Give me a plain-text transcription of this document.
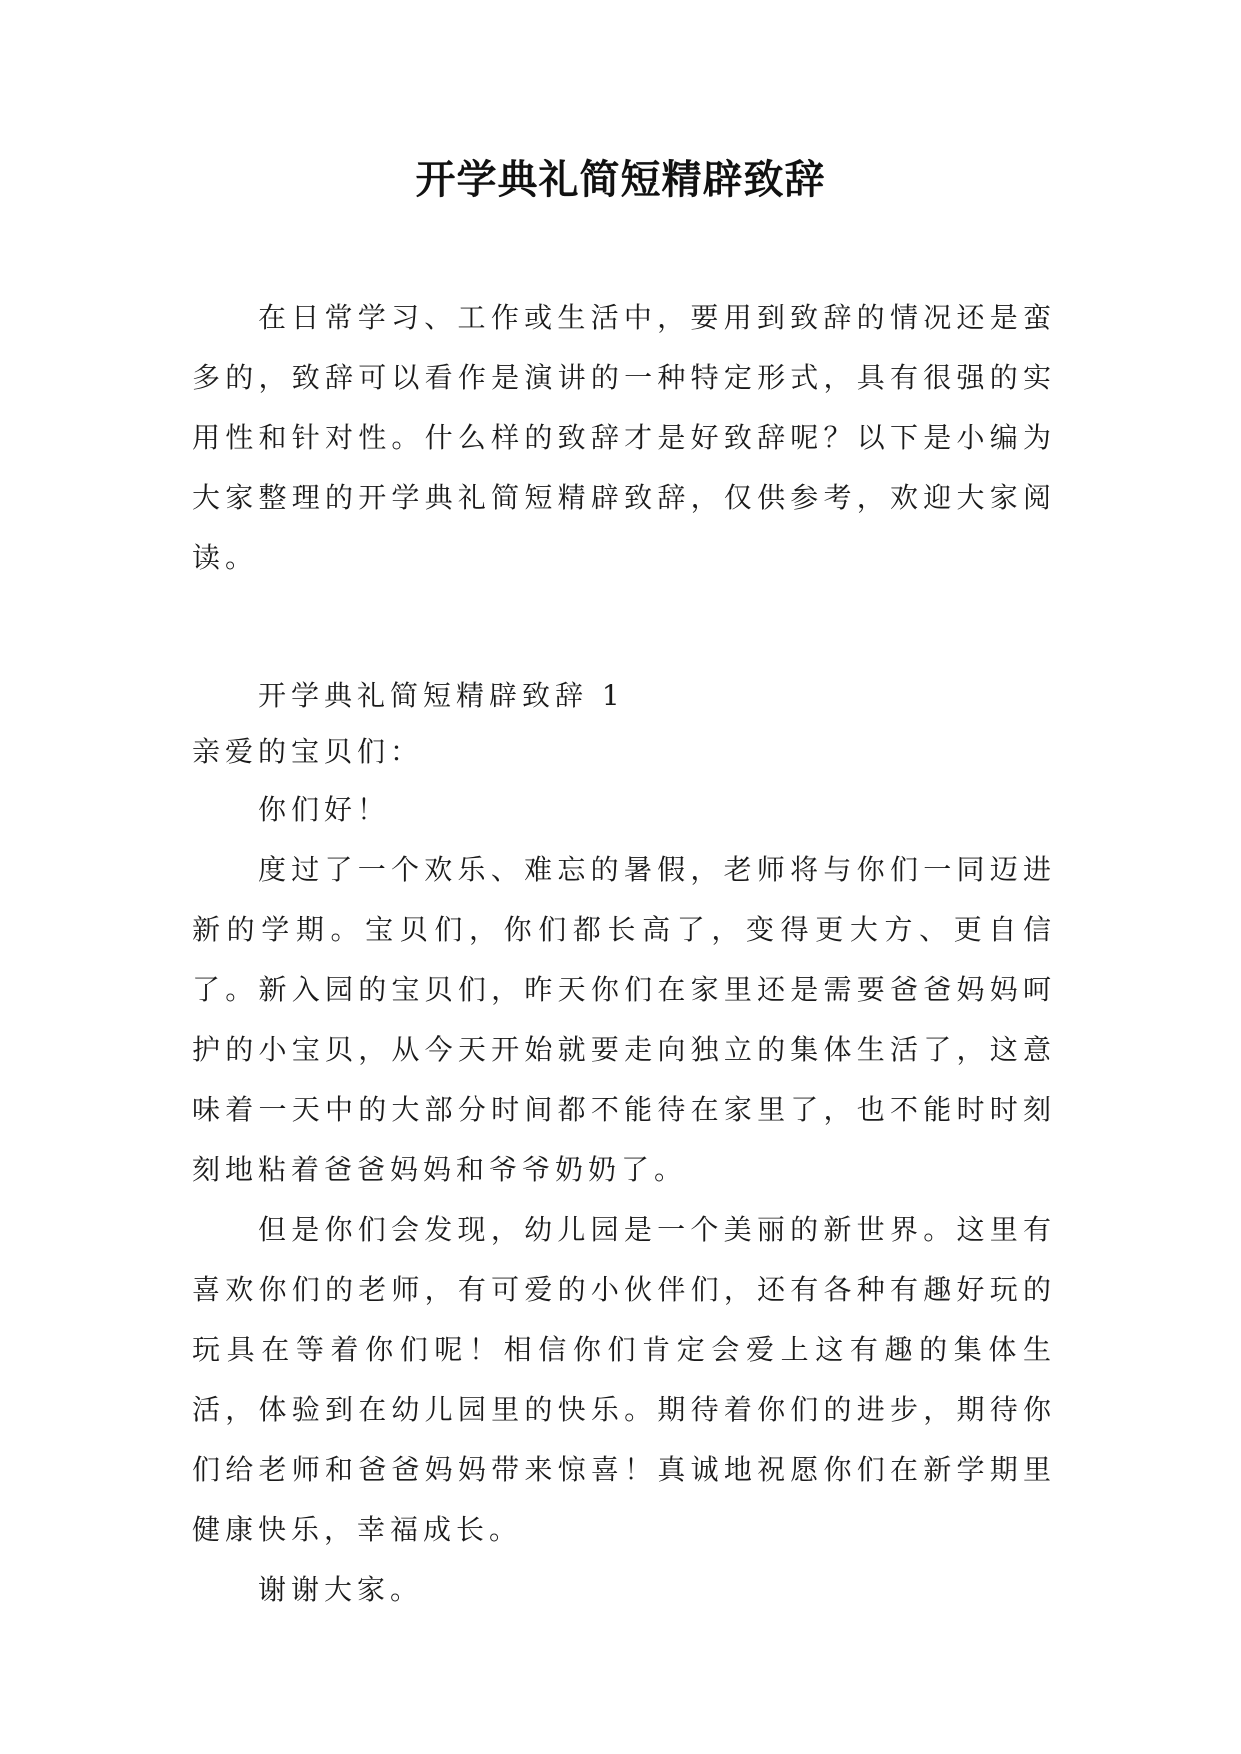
开学典礼简短精辟致辞

在日常学习、工作或生活中，要用到致辞的情况还是蛮多的，致辞可以看作是演讲的一种特定形式，具有很强的实用性和针对性。什么样的致辞才是好致辞呢？以下是小编为大家整理的开学典礼简短精辟致辞，仅供参考，欢迎大家阅读。

开学典礼简短精辟致辞 1

亲爱的宝贝们：

你们好！

度过了一个欢乐、难忘的暑假，老师将与你们一同迈进新的学期。宝贝们，你们都长高了，变得更大方、更自信了。新入园的宝贝们，昨天你们在家里还是需要爸爸妈妈呵护的小宝贝，从今天开始就要走向独立的集体生活了，这意味着一天中的大部分时间都不能待在家里了，也不能时时刻刻地粘着爸爸妈妈和爷爷奶奶了。

但是你们会发现，幼儿园是一个美丽的新世界。这里有喜欢你们的老师，有可爱的小伙伴们，还有各种有趣好玩的玩具在等着你们呢！相信你们肯定会爱上这有趣的集体生活，体验到在幼儿园里的快乐。期待着你们的进步，期待你们给老师和爸爸妈妈带来惊喜！真诚地祝愿你们在新学期里健康快乐，幸福成长。

谢谢大家。
